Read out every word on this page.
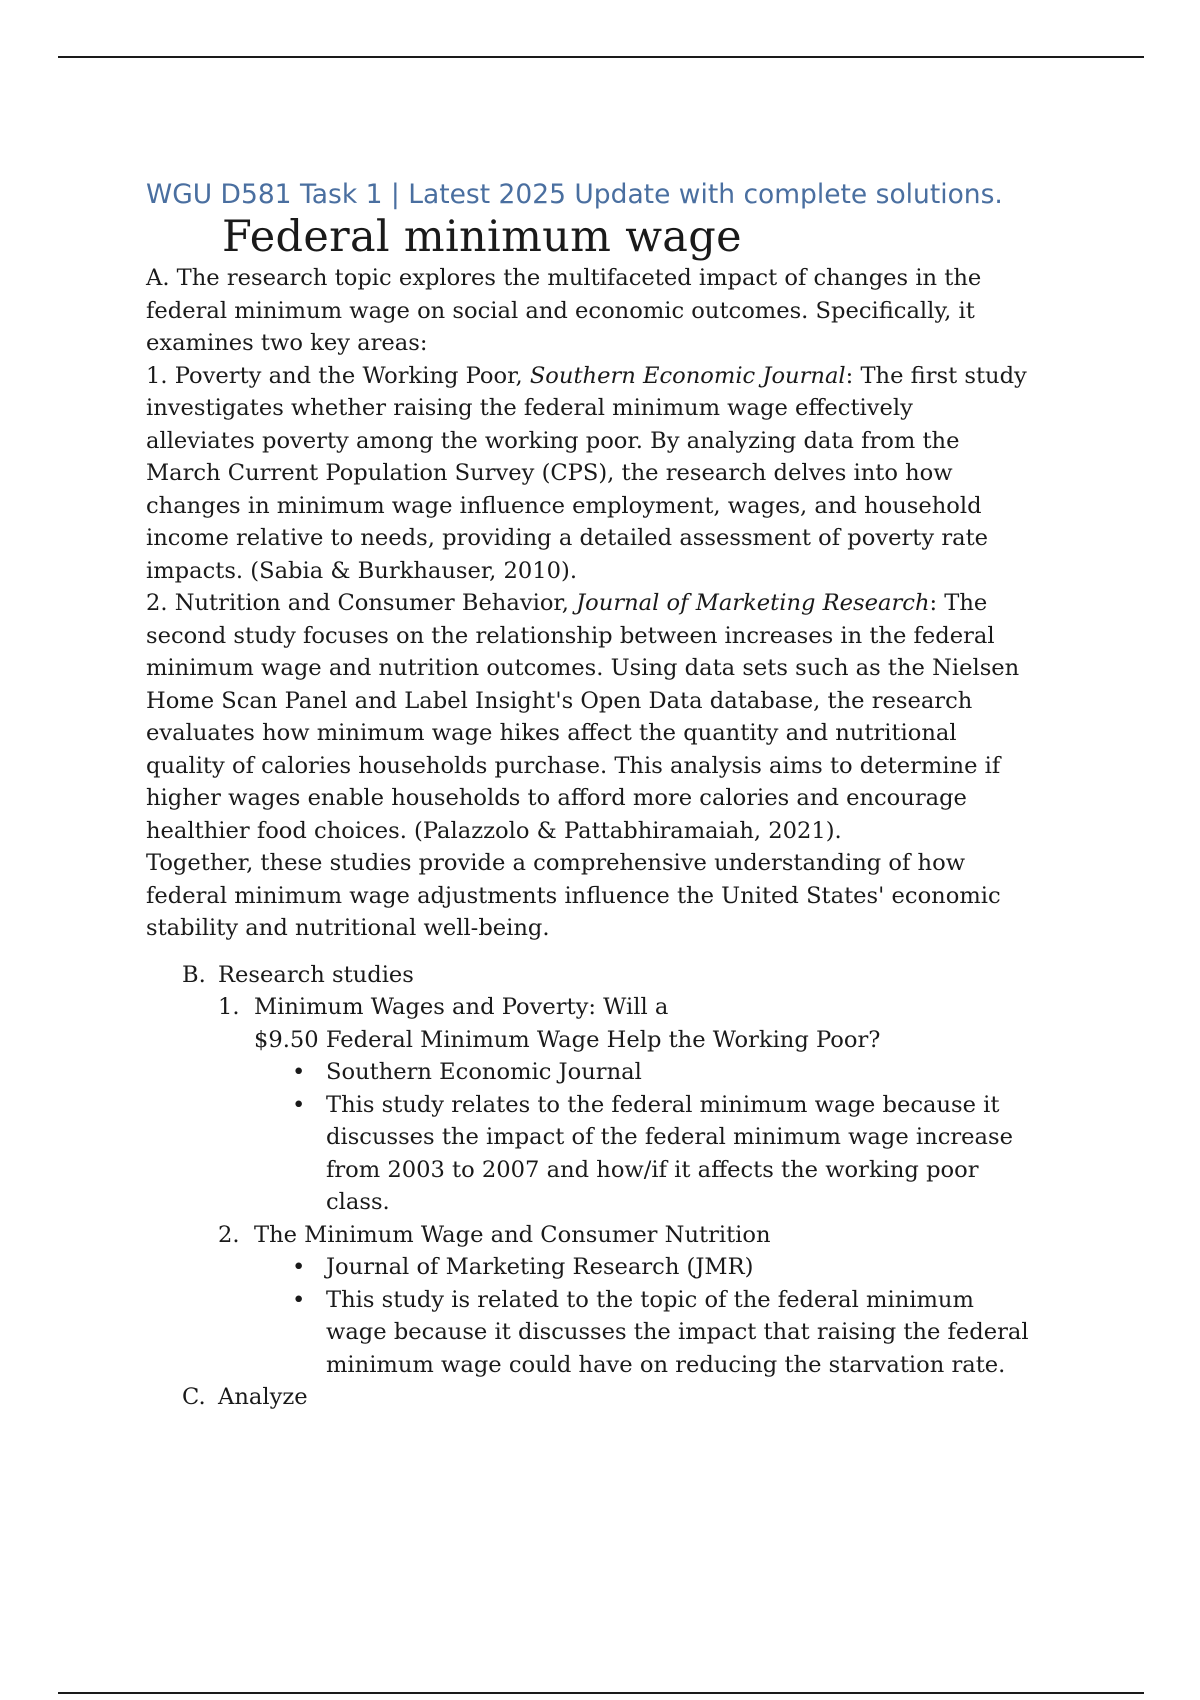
WGU D581 Task 1 | Latest 2025 Update with complete solutions.
Federal minimum wage

A. The research topic explores the multifaceted impact of changes in the
federal minimum wage on social and economic outcomes. Specifically, it
examines two key areas:

1. Poverty and the Working Poor, Southern Economic Journal: The first study
investigates whether raising the federal minimum wage effectively
alleviates poverty among the working poor. By analyzing data from the
March Current Population Survey (CPS), the research delves into how
changes in minimum wage influence employment, wages, and household
income relative to needs, providing a detailed assessment of poverty rate
impacts. (Sabia & Burkhauser, 2010).

2. Nutrition and Consumer Behavior, Journal of Marketing Research: The
second study focuses on the relationship between increases in the federal
minimum wage and nutrition outcomes. Using data sets such as the Nielsen
Home Scan Panel and Label Insight's Open Data database, the research
evaluates how minimum wage hikes affect the quantity and nutritional
quality of calories households purchase. This analysis aims to determine if
higher wages enable households to afford more calories and encourage
healthier food choices. (Palazzolo & Pattabhiramaiah, 2021).

Together, these studies provide a comprehensive understanding of how
federal minimum wage adjustments influence the United States' economic
stability and nutritional well-being.

B. Research studies
1. Minimum Wages and Poverty: Will a
$9.50 Federal Minimum Wage Help the Working Poor?
• Southern Economic Journal
• This study relates to the federal minimum wage because it
discusses the impact of the federal minimum wage increase
from 2003 to 2007 and how/if it affects the working poor
class.
2. The Minimum Wage and Consumer Nutrition
• Journal of Marketing Research (JMR)
• This study is related to the topic of the federal minimum
wage because it discusses the impact that raising the federal
minimum wage could have on reducing the starvation rate.
C. Analyze
